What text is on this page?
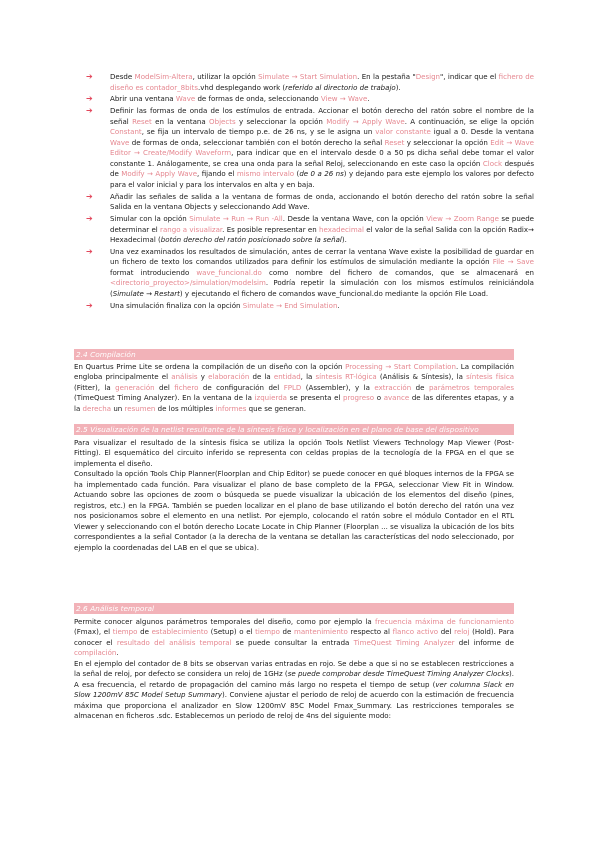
➔ Desde ModelSim-Altera, utilizar la opción Simulate → Start Simulation. En la pestaña "Design", indicar que el fichero de diseño es contador_8bits.vhd desplegando work (referido al directorio de trabajo).
➔ Abrir una ventana Wave de formas de onda, seleccionando View → Wave.
➔ Definir las formas de onda de los estímulos de entrada. Accionar el botón derecho del ratón sobre el nombre de la señal Reset en la ventana Objects y seleccionar la opción Modify → Apply Wave. A continuación, se elige la opción Constant, se fija un intervalo de tiempo p.e. de 26 ns, y se le asigna un valor constante igual a 0. Desde la ventana Wave de formas de onda, seleccionar también con el botón derecho la señal Reset y seleccionar la opción Edit → Wave Editor → Create/Modify Waveform, para indicar que en el intervalo desde 0 a 50 ps dicha señal debe tomar el valor constante 1. Análogamente, se crea una onda para la señal Reloj, seleccionando en este caso la opción Clock después de Modify → Apply Wave, fijando el mismo intervalo (de 0 a 26 ns) y dejando para este ejemplo los valores por defecto para el valor inicial y para los intervalos en alta y en baja.
➔ Añadir las señales de salida a la ventana de formas de onda, accionando el botón derecho del ratón sobre la señal Salida en la ventana Objects y seleccionando Add Wave.
➔ Simular con la opción Simulate → Run → Run -All. Desde la ventana Wave, con la opción View → Zoom Range se puede determinar el rango a visualizar. Es posible representar en hexadecimal el valor de la señal Salida con la opción Radix→ Hexadecimal (botón derecho del ratón posicionado sobre la señal).
➔ Una vez examinados los resultados de simulación, antes de cerrar la ventana Wave existe la posibilidad de guardar en un fichero de texto los comandos utilizados para definir los estímulos de simulación mediante la opción File → Save format introduciendo wave_funcional.do como nombre del fichero de comandos, que se almacenará en <directorio_proyecto>/simulation/modelsim. Podría repetir la simulación con los mismos estímulos reiniciándola (Simulate → Restart) y ejecutando el fichero de comandos wave_funcional.do mediante la opción File Load.
➔ Una simulación finaliza con la opción Simulate → End Simulation.
2.4 Compilación

En Quartus Prime Lite se ordena la compilación de un diseño con la opción Processing → Start Compilation. La compilación engloba principalmente el análisis y elaboración de la entidad, la síntesis RT-lógica (Análisis & Síntesis), la síntesis física (Fitter), la generación del fichero de configuración del FPLD (Assembler), y la extracción de parámetros temporales (TimeQuest Timing Analyzer). En la ventana de la izquierda se presenta el progreso o avance de las diferentes etapas, y a la derecha un resumen de los múltiples informes que se generan.

2.5 Visualización de la netlist resultante de la síntesis física y localización en el plano de base del dispositivo

Para visualizar el resultado de la síntesis física se utiliza la opción Tools Netlist Viewers Technology Map Viewer (Post-Fitting). El esquemático del circuito inferido se representa con celdas propias de la tecnología de la FPGA en el que se implementa el diseño.

Consultado la opción Tools Chip Planner(Floorplan and Chip Editor) se puede conocer en qué bloques internos de la FPGA se ha implementado cada función. Para visualizar el plano de base completo de la FPGA, seleccionar View Fit in Window. Actuando sobre las opciones de zoom o búsqueda se puede visualizar la ubicación de los elementos del diseño (pines, registros, etc.) en la FPGA. También se pueden localizar en el plano de base utilizando el botón derecho del ratón una vez nos posicionamos sobre el elemento en una netlist. Por ejemplo, colocando el ratón sobre el módulo Contador en el RTL Viewer y seleccionando con el botón derecho Locate Locate in Chip Planner (Floorplan ... se visualiza la ubicación de los bits correspondientes a la señal Contador (a la derecha de la ventana se detallan las características del nodo seleccionado, por ejemplo la coordenadas del LAB en el que se ubica).

2.6 Análisis temporal

Permite conocer algunos parámetros temporales del diseño, como por ejemplo la frecuencia máxima de funcionamiento (Fmax), el tiempo de establecimiento (Setup) o el tiempo de mantenimiento respecto al flanco activo del reloj (Hold). Para conocer el resultado del análisis temporal se puede consultar la entrada TimeQuest Timing Analyzer del informe de compilación.

En el ejemplo del contador de 8 bits se observan varias entradas en rojo. Se debe a que si no se establecen restricciones a la señal de reloj, por defecto se considera un reloj de 1GHz (se puede comprobar desde TimeQuest Timing Analyzer Clocks). A esa frecuencia, el retardo de propagación del camino más largo no respeta el tiempo de setup (ver columna Slack en Slow 1200mV 85C Model Setup Summary). Conviene ajustar el periodo de reloj de acuerdo con la estimación de frecuencia máxima que proporciona el analizador en Slow 1200mV 85C Model Fmax_Summary. Las restricciones temporales se almacenan en ficheros .sdc. Establecemos un periodo de reloj de 4ns del siguiente modo:
